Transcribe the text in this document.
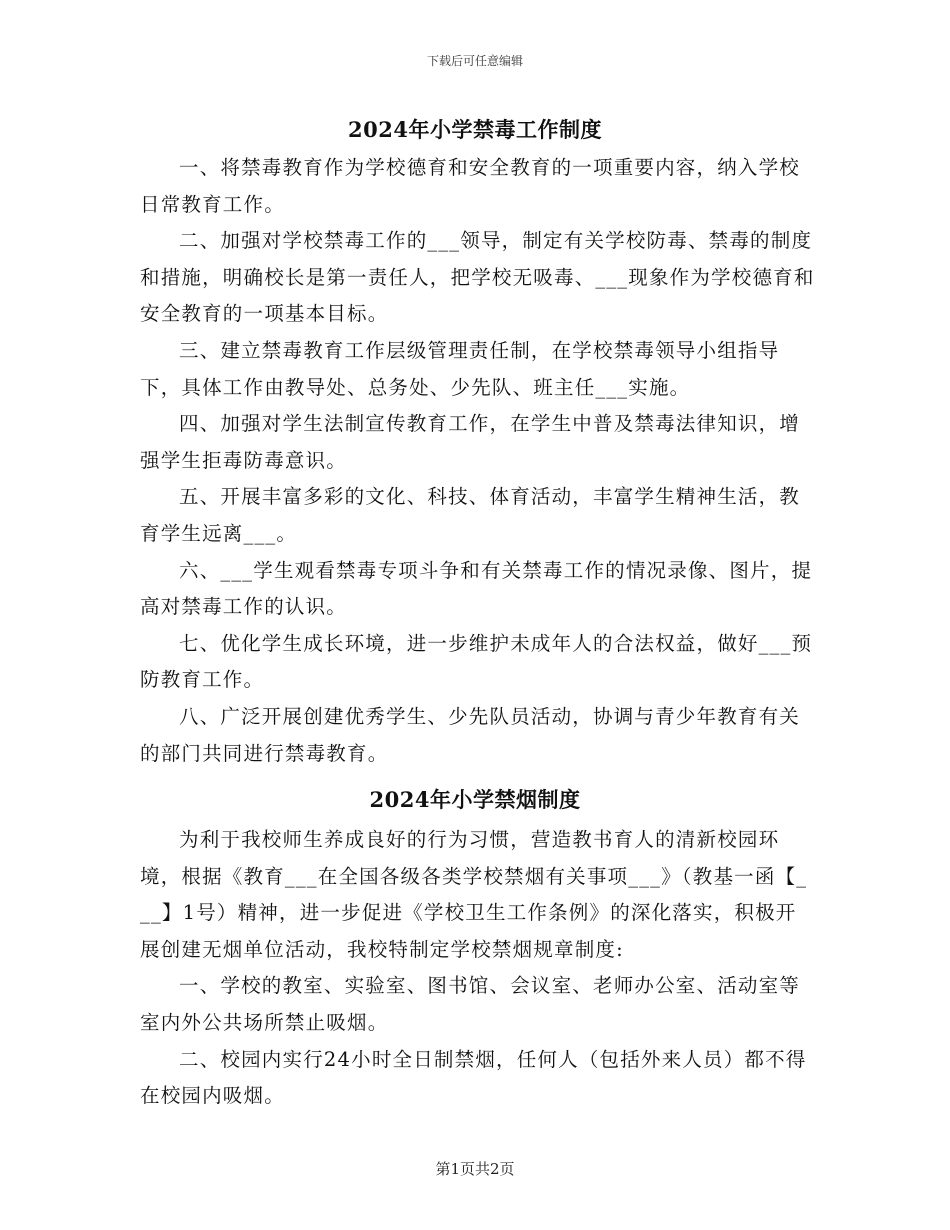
下载后可任意编辑
2024年小学禁毒工作制度

一、将禁毒教育作为学校德育和安全教育的一项重要内容，纳入学校日常教育工作。

二、加强对学校禁毒工作的___领导，制定有关学校防毒、禁毒的制度和措施，明确校长是第一责任人，把学校无吸毒、___现象作为学校德育和安全教育的一项基本目标。

三、建立禁毒教育工作层级管理责任制，在学校禁毒领导小组指导下，具体工作由教导处、总务处、少先队、班主任___实施。

四、加强对学生法制宣传教育工作，在学生中普及禁毒法律知识，增强学生拒毒防毒意识。

五、开展丰富多彩的文化、科技、体育活动，丰富学生精神生活，教育学生远离___。

六、___学生观看禁毒专项斗争和有关禁毒工作的情况录像、图片，提高对禁毒工作的认识。

七、优化学生成长环境，进一步维护未成年人的合法权益，做好___预防教育工作。

八、广泛开展创建优秀学生、少先队员活动，协调与青少年教育有关的部门共同进行禁毒教育。

2024年小学禁烟制度

为利于我校师生养成良好的行为习惯，营造教书育人的清新校园环境，根据《教育___在全国各级各类学校禁烟有关事项___》（教基一函【___】1号）精神，进一步促进《学校卫生工作条例》的深化落实，积极开展创建无烟单位活动，我校特制定学校禁烟规章制度:

一、学校的教室、实验室、图书馆、会议室、老师办公室、活动室等室内外公共场所禁止吸烟。

二、校园内实行24小时全日制禁烟，任何人（包括外来人员）都不得在校园内吸烟。

第1页共2页
